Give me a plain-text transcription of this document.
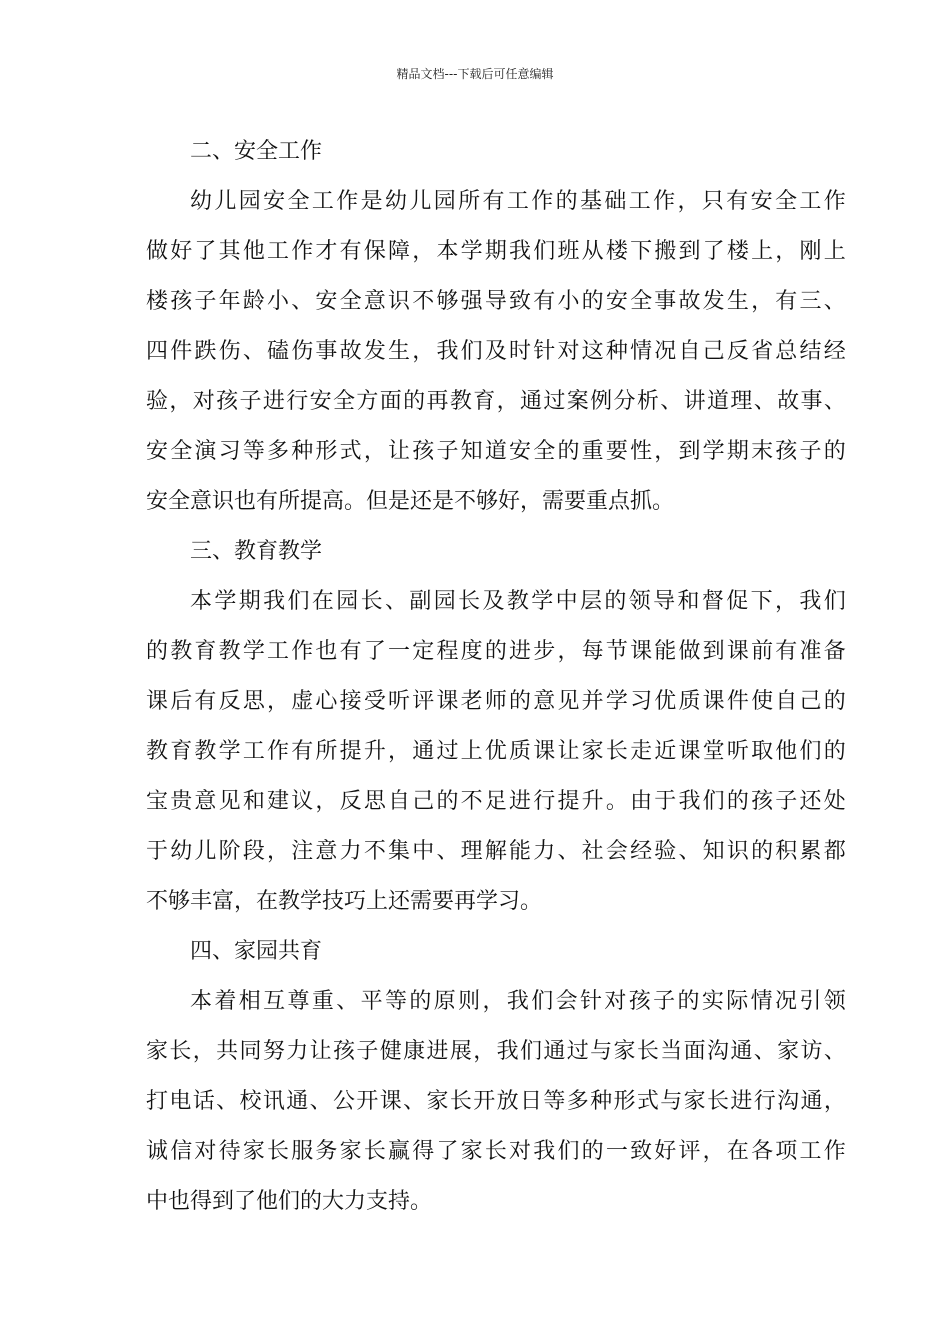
精品文档---下载后可任意编辑
二、安全工作
幼 儿 园 安 全 工 作 是 幼 儿 园 所 有 工 作 的 基 础 工 作 ， 只 有 安 全 工 作
做 好 了 其 他 工 作 才 有 保 障 ， 本 学 期 我 们 班 从 楼 下 搬 到 了 楼 上 ， 刚 上
楼 孩 子 年 龄 小 、 安 全 意 识 不 够 强 导 致 有 小 的 安 全 事 故 发 生 ， 有 三 、
四 件 跌 伤 、 磕 伤 事 故 发 生 ， 我 们 及 时 针 对 这 种 情 况 自 己 反 省 总 结 经
验 ， 对 孩 子 进 行 安 全 方 面 的 再 教 育 ， 通 过 案 例 分 析 、 讲 道 理 、 故 事 、
安 全 演 习 等 多 种 形 式 ， 让 孩 子 知 道 安 全 的 重 要 性 ， 到 学 期 末 孩 子 的
安全意识也有所提高。但是还是不够好，需要重点抓。
三、教育教学
本 学 期 我 们 在 园 长 、 副 园 长 及 教 学 中 层 的 领 导 和 督 促 下 ， 我 们
的 教 育 教 学 工 作 也 有 了 一 定 程 度 的 进 步 ， 每 节 课 能 做 到 课 前 有 准 备
课 后 有 反 思 ， 虚 心 接 受 听 评 课 老 师 的 意 见 并 学 习 优 质 课 件 使 自 己 的
教 育 教 学 工 作 有 所 提 升 ， 通 过 上 优 质 课 让 家 长 走 近 课 堂 听 取 他 们 的
宝 贵 意 见 和 建 议 ， 反 思 自 己 的 不 足 进 行 提 升 。 由 于 我 们 的 孩 子 还 处
于 幼 儿 阶 段 ， 注 意 力 不 集 中 、 理 解 能 力 、 社 会 经 验 、 知 识 的 积 累 都
不够丰富，在教学技巧上还需要再学习。
四、家园共育
本 着 相 互 尊 重 、 平 等 的 原 则 ， 我 们 会 针 对 孩 子 的 实 际 情 况 引 领
家 长 ， 共 同 努 力 让 孩 子 健 康 进 展 ， 我 们 通 过 与 家 长 当 面 沟 通 、 家 访 、
打 电 话 、 校 讯 通 、 公 开 课 、 家 长 开 放 日 等 多 种 形 式 与 家 长 进 行 沟 通 ，
诚 信 对 待 家 长 服 务 家 长 赢 得 了 家 长 对 我 们 的 一 致 好 评 ， 在 各 项 工 作
中也得到了他们的大力支持。
